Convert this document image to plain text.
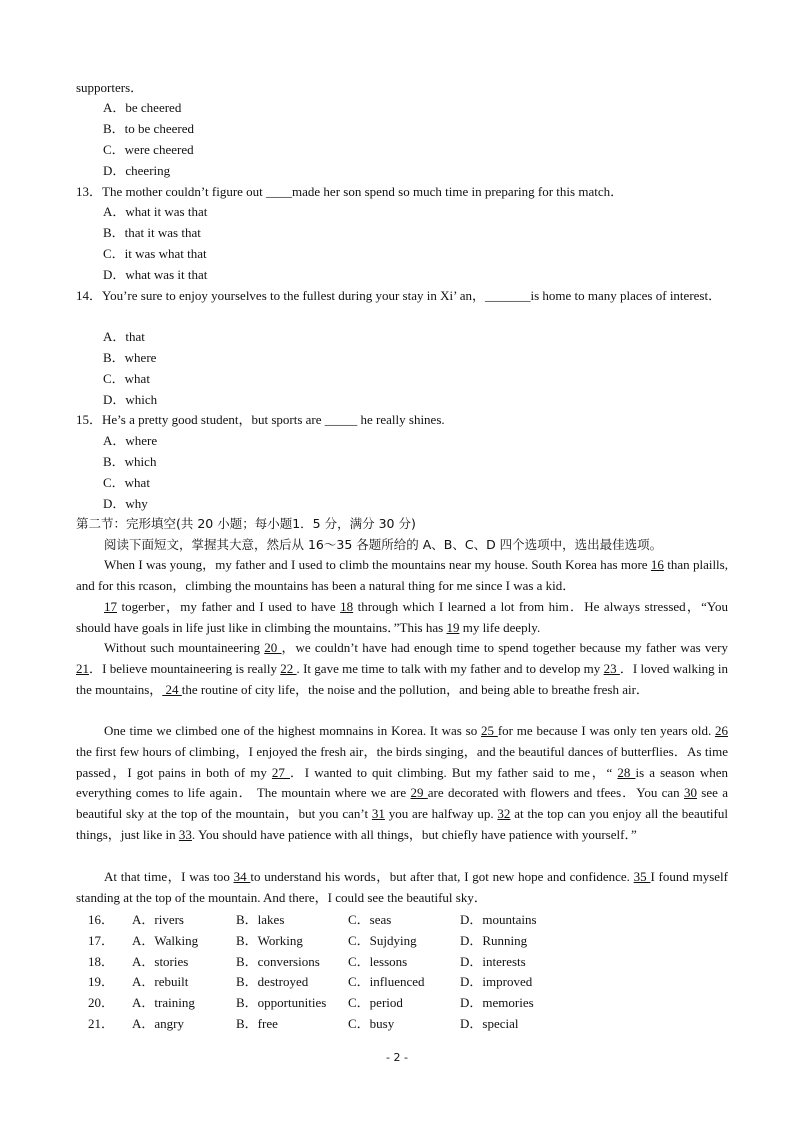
supporters．
A．be cheered
B．to be cheered
C．were cheered
D．cheering
13．The mother couldn’t figure out ____made her son spend so much time in preparing for this match．
A．what it was that
B．that it was that
C．it was what that
D．what was it that
14．You’re sure to enjoy yourselves to the fullest during your stay in Xi’ an，_______is home to many places of interest．
A．that
B．where
C．what
D．which
15．He’s a pretty good student，but sports are _____ he really shines.
A．where
B．which
C．what
D．why
第二节：完形填空(共 20 小题；每小题1．5 分，满分 30 分)
阅读下面短文，掌握其大意，然后从 16～35 各题所给的 A、B、C、D 四个选项中，选出最佳选项。
When I was young，my father and I used to climb the mountains near my house. South Korea has more 16 than plaills, and for this rcason，climbing the mountains has been a natural thing for me since I was a kid．
17 togerber，my father and I used to have 18 through which I learned a lot from him．He always stressed，“You should have goals in life just like in climbing the mountains．”This has 19 my life deeply.
Without such mountaineering 20 ，we couldn’t have had enough time to spend together because my father was very 21．I believe mountaineering is really 22 . It gave me time to talk with my father and to develop my 23 ．I loved walking in the mountains， 24 the routine of city life，the noise and the pollution，and being able to breathe fresh air．
One time we climbed one of the highest momnains in Korea. It was so 25 for me because I was only ten years old. 26 the first few hours of climbing，I enjoyed the fresh air，the birds singing，and the beautiful dances of butterflies．As time passed，I got pains in both of my 27 ．I wanted to quit climbing. But my father said to me，“ 28 is a season when everything comes to life again． The mountain where we are 29 are decorated with flowers and tfees．You can 30 see a beautiful sky at the top of the mountain，but you can’t 31 you are halfway up. 32 at the top can you enjoy all the beautiful things，just like in 33. You should have patience with all things，but chiefly have patience with yourself．”
At that time，I was too 34 to understand his words，but after that, I got new hope and confidence. 35 I found myself standing at the top of the mountain. And there，I could see the beautiful sky．
16．	A．rivers	B．lakes	C．seas	D．mountains
17．	A．Walking	B．Working	C．Sujdying	D．Running
18．	A．stories	B．conversions	C．lessons	D．interests
19．	A．rebuilt	B．destroyed	C．influenced	D．improved
20．	A．training	B．opportunities	C．period	D．memories
21．	A．angry	B．free	C．busy	D．special
- 2 -
